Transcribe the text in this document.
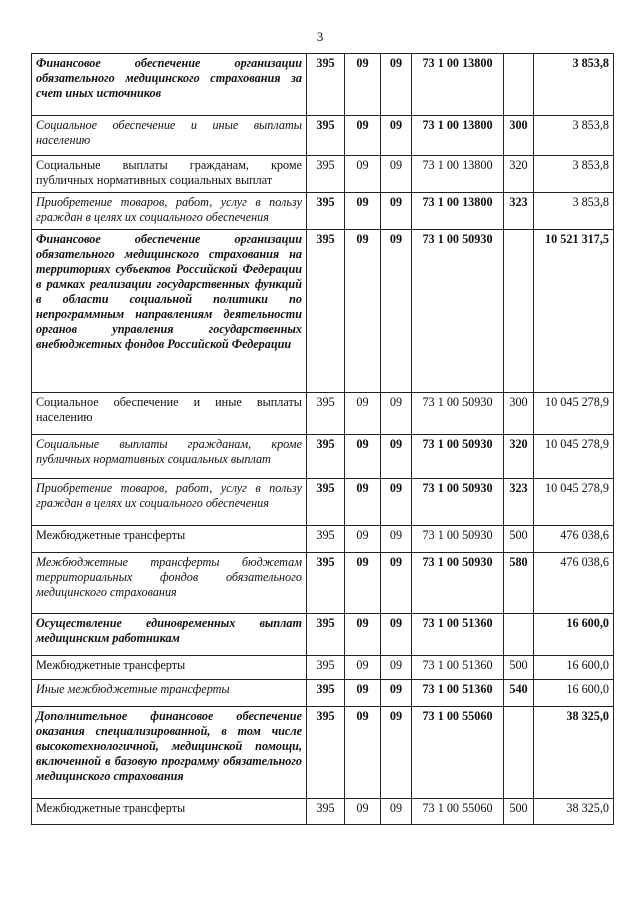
3
Финансовое обеспечение организации обязательного медицинского страхования за счет иных источников	395	09	09	73 1 00 13800		3 853,8
Социальное обеспечение и иные выплаты населению	395	09	09	73 1 00 13800	300	3 853,8
Социальные выплаты гражданам, кроме публичных нормативных социальных выплат	395	09	09	73 1 00 13800	320	3 853,8
Приобретение товаров, работ, услуг в пользу граждан в целях их социального обеспечения	395	09	09	73 1 00 13800	323	3 853,8
Финансовое обеспечение организации обязательного медицинского страхования на территориях субъектов Российской Федерации в рамках реализации государственных функций в области социальной политики по непрограммным направлениям деятельности органов управления государственных внебюджетных фондов Российской Федерации	395	09	09	73 1 00 50930		10 521 317,5
Социальное обеспечение и иные выплаты населению	395	09	09	73 1 00 50930	300	10 045 278,9
Социальные выплаты гражданам, кроме публичных нормативных социальных выплат	395	09	09	73 1 00 50930	320	10 045 278,9
Приобретение товаров, работ, услуг в пользу граждан в целях их социального обеспечения	395	09	09	73 1 00 50930	323	10 045 278,9
Межбюджетные трансферты	395	09	09	73 1 00 50930	500	476 038,6
Межбюджетные трансферты бюджетам территориальных фондов обязательного медицинского страхования	395	09	09	73 1 00 50930	580	476 038,6
Осуществление единовременных выплат медицинским работникам	395	09	09	73 1 00 51360		16 600,0
Межбюджетные трансферты	395	09	09	73 1 00 51360	500	16 600,0
Иные межбюджетные трансферты	395	09	09	73 1 00 51360	540	16 600,0
Дополнительное финансовое обеспечение оказания специализированной, в том числе высокотехнологичной, медицинской помощи, включенной в базовую программу обязательного медицинского страхования	395	09	09	73 1 00 55060		38 325,0
Межбюджетные трансферты	395	09	09	73 1 00 55060	500	38 325,0
